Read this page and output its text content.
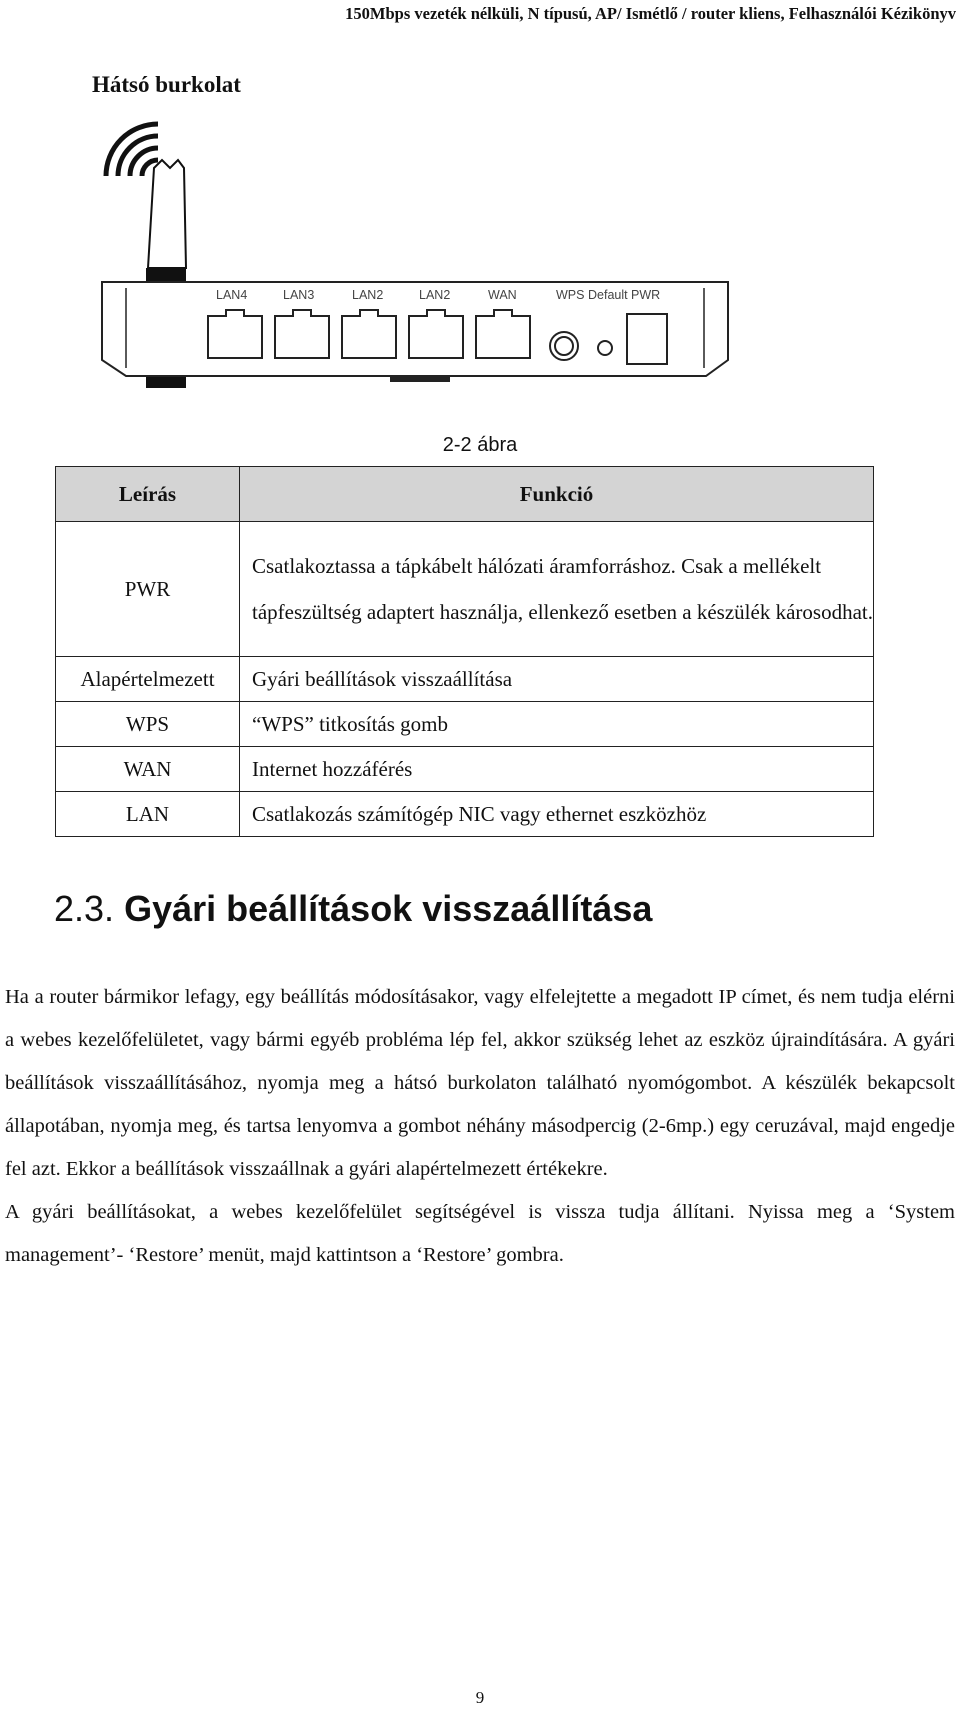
150Mbps vezeték nélküli, N típusú, AP/ Ismétlő / router kliens, Felhasználói Kézikönyv
Hátsó burkolat
LAN4	LAN3	LAN2	LAN2	WAN	WPS Default PWR
2-2 ábra
Leírás	Funkció
PWR	Csatlakoztassa a tápkábelt hálózati áramforráshoz. Csak a mellékelt tápfeszültség adaptert használja, ellenkező esetben a készülék károsodhat.
Alapértelmezett	Gyári beállítások visszaállítása
WPS	“WPS” titkosítás gomb
WAN	Internet hozzáférés
LAN	Csatlakozás számítógép NIC vagy ethernet eszközhöz
2.3. Gyári beállítások visszaállítása

Ha a router bármikor lefagy, egy beállítás módosításakor, vagy elfelejtette a megadott IP címet, és nem tudja elérni a webes kezelőfelületet, vagy bármi egyéb probléma lép fel, akkor szükség lehet az eszköz újraindítására. A gyári beállítások visszaállításához, nyomja meg a hátsó burkolaton található nyomógombot. A készülék bekapcsolt állapotában, nyomja meg, és tartsa lenyomva a gombot néhány másodpercig (2-6mp.) egy ceruzával, majd engedje fel azt. Ekkor a beállítások visszaállnak a gyári alapértelmezett értékekre.

A gyári beállításokat, a webes kezelőfelület segítségével is vissza tudja állítani. Nyissa meg a ‘System management’- ‘Restore’ menüt, majd kattintson a ‘Restore’ gombra.

9
